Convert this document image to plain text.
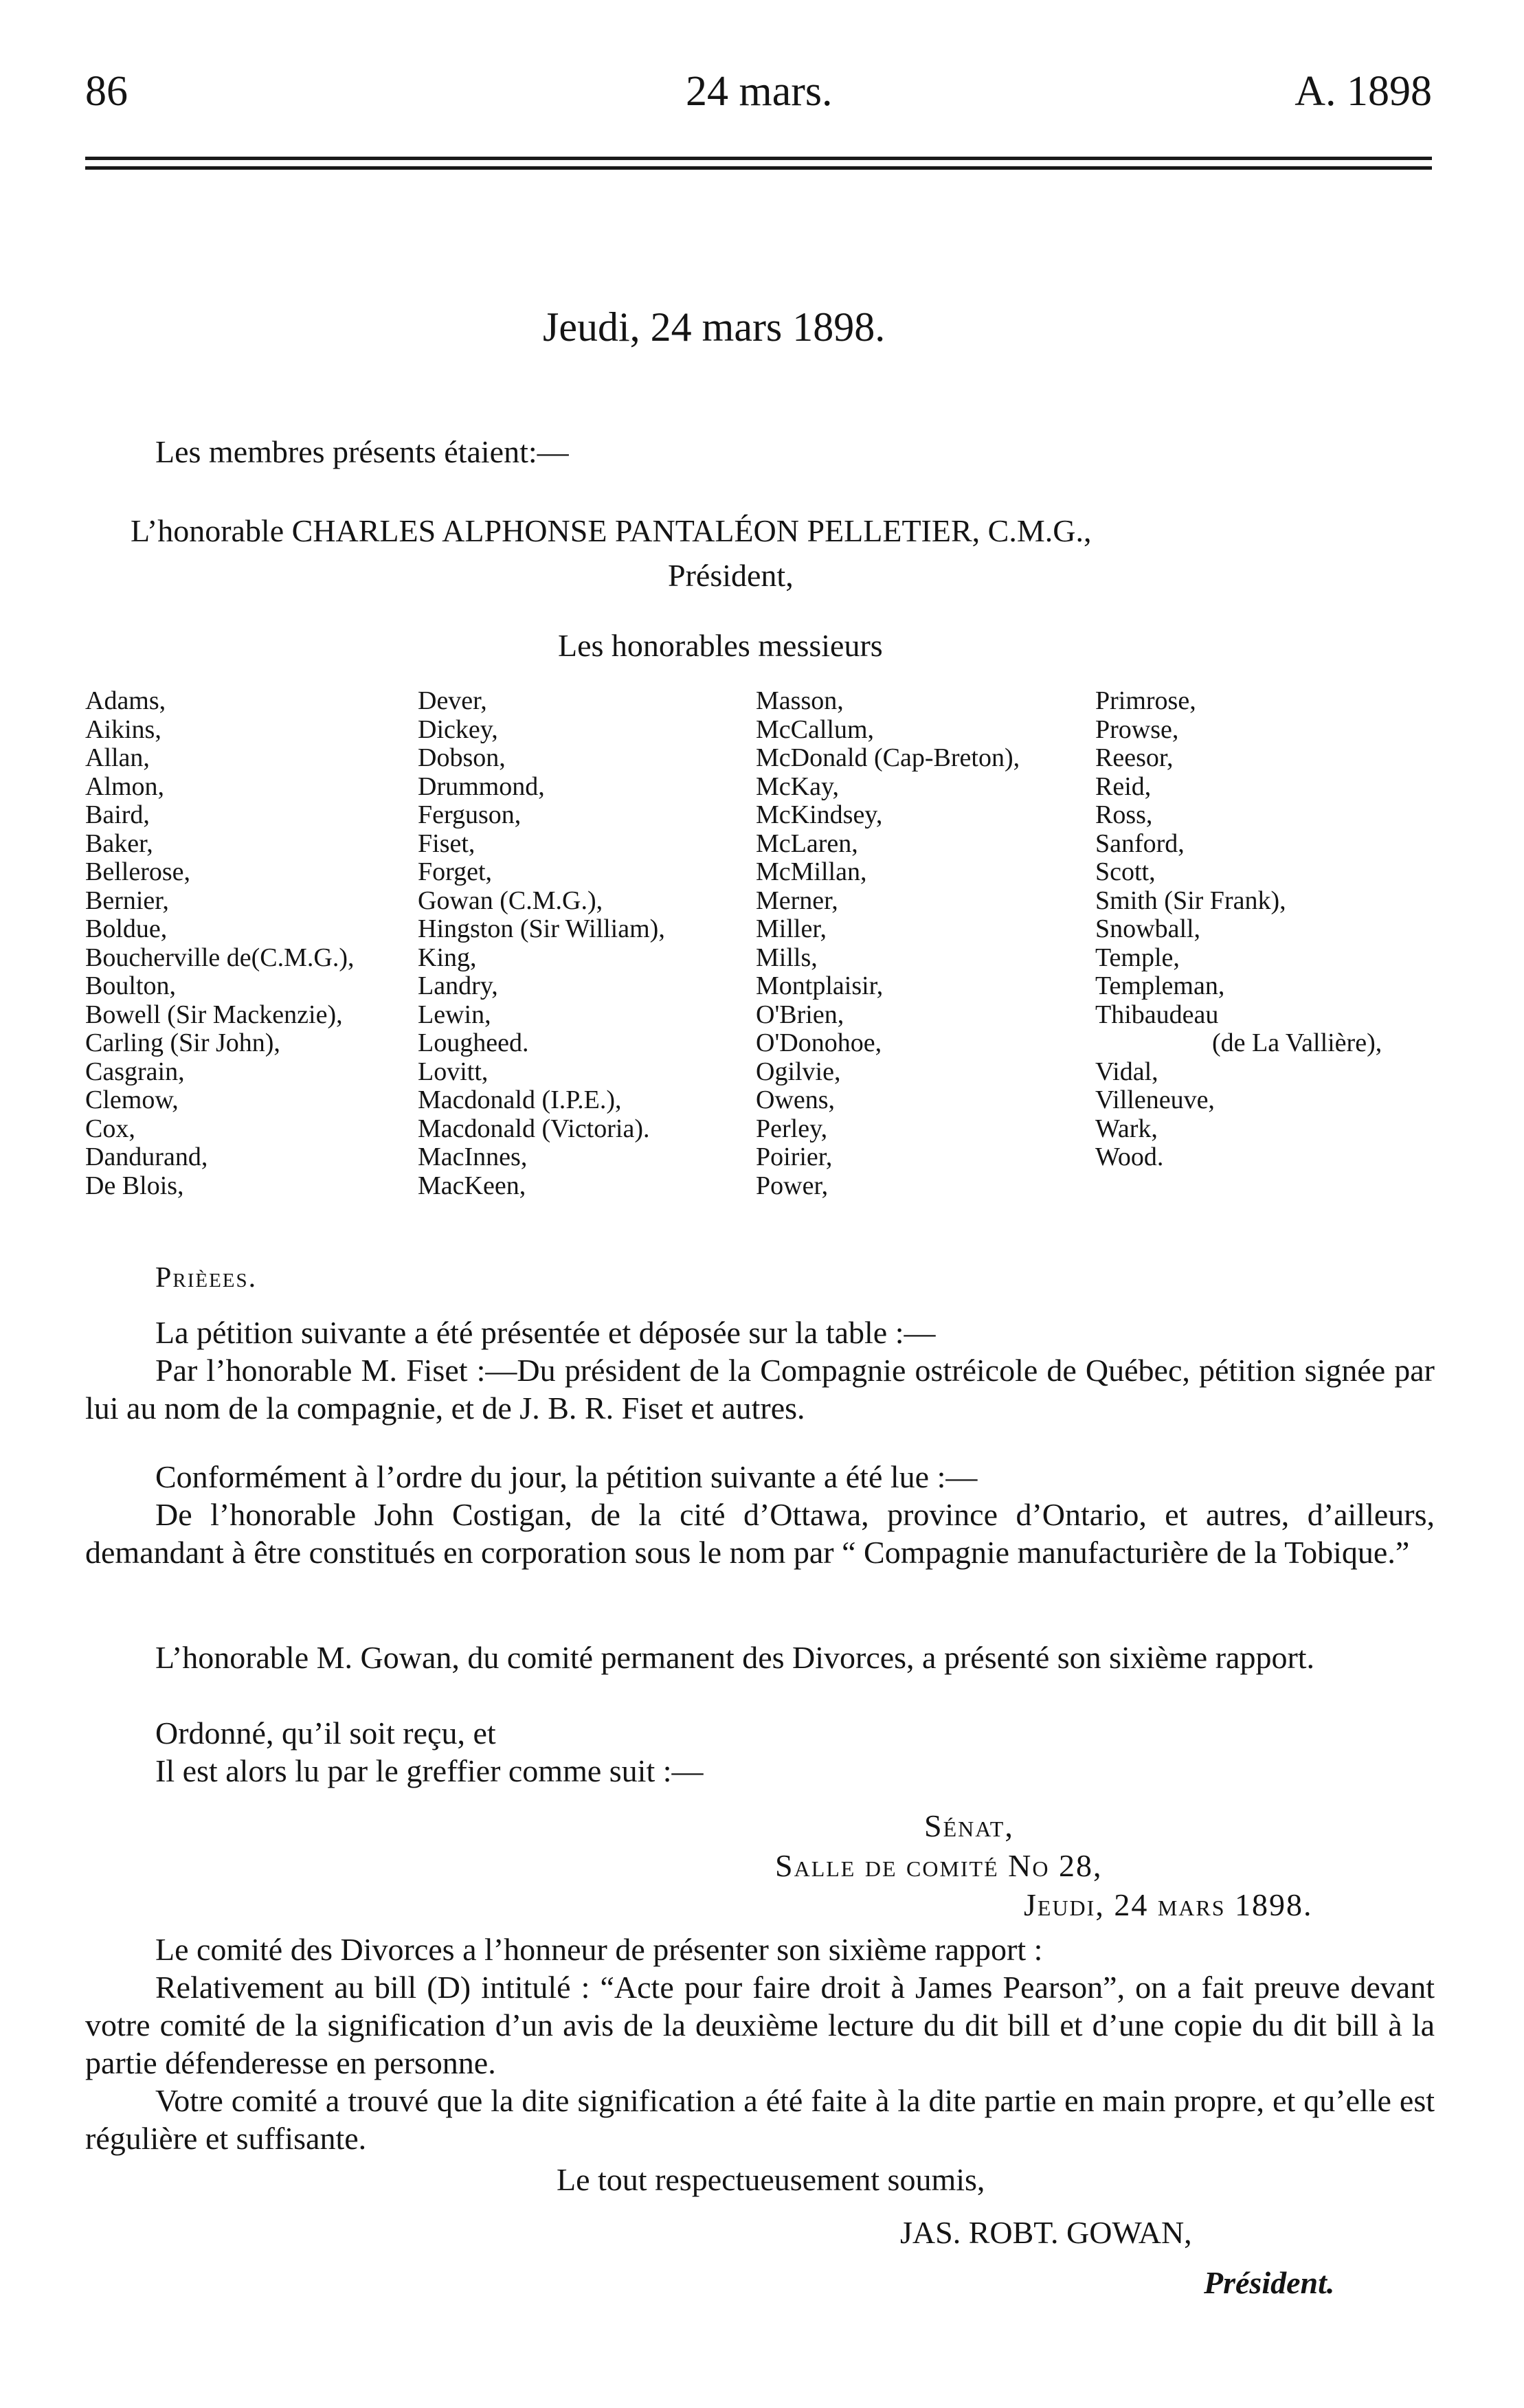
86	24 mars.	A. 1898
Jeudi, 24 mars 1898.
Les membres présents étaient:—
L’honorable CHARLES ALPHONSE PANTALÉON PELLETIER, C.M.G.,
Président,
Les honorables messieurs
Adams,
Aikins,
Allan,
Almon,
Baird,
Baker,
Bellerose,
Bernier,
Boldue,
Boucherville de(C.M.G.),
Boulton,
Bowell (Sir Mackenzie),
Carling (Sir John),
Casgrain,
Clemow,
Cox,
Dandurand,
De Blois,
Dever,
Dickey,
Dobson,
Drummond,
Ferguson,
Fiset,
Forget,
Gowan (C.M.G.),
Hingston (Sir William),
King,
Landry,
Lewin,
Lougheed.
Lovitt,
Macdonald (I.P.E.),
Macdonald (Victoria).
MacInnes,
MacKeen,
Masson,
McCallum,
McDonald (Cap-Breton),
McKay,
McKindsey,
McLaren,
McMillan,
Merner,
Miller,
Mills,
Montplaisir,
O'Brien,
O'Donohoe,
Ogilvie,
Owens,
Perley,
Poirier,
Power,
Primrose,
Prowse,
Reesor,
Reid,
Ross,
Sanford,
Scott,
Smith (Sir Frank),
Snowball,
Temple,
Templeman,
Thibaudeau
(de La Vallière),
Vidal,
Villeneuve,
Wark,
Wood.
Prièees.
La pétition suivante a été présentée et déposée sur la table :—
Par l’honorable M. Fiset :—Du président de la Compagnie ostréicole de Québec, pétition signée par lui au nom de la compagnie, et de J. B. R. Fiset et autres.
Conformément à l’ordre du jour, la pétition suivante a été lue :—
De l’honorable John Costigan, de la cité d’Ottawa, province d’Ontario, et autres, d’ailleurs, demandant à être constitués en corporation sous le nom par “ Compagnie manufacturière de la Tobique.”
L’honorable M. Gowan, du comité permanent des Divorces, a présenté son sixième rapport.
Ordonné, qu’il soit reçu, et
Il est alors lu par le greffier comme suit :—
Sénat,
Salle de comité No 28,
Jeudi, 24 mars 1898.
Le comité des Divorces a l’honneur de présenter son sixième rapport :
Relativement au bill (D) intitulé : “Acte pour faire droit à James Pearson”, on a fait preuve devant votre comité de la signification d’un avis de la deuxième lecture du dit bill et d’une copie du dit bill à la partie défenderesse en personne.
Votre comité a trouvé que la dite signification a été faite à la dite partie en main propre, et qu’elle est régulière et suffisante.
Le tout respectueusement soumis,
JAS. ROBT. GOWAN,
Président.
